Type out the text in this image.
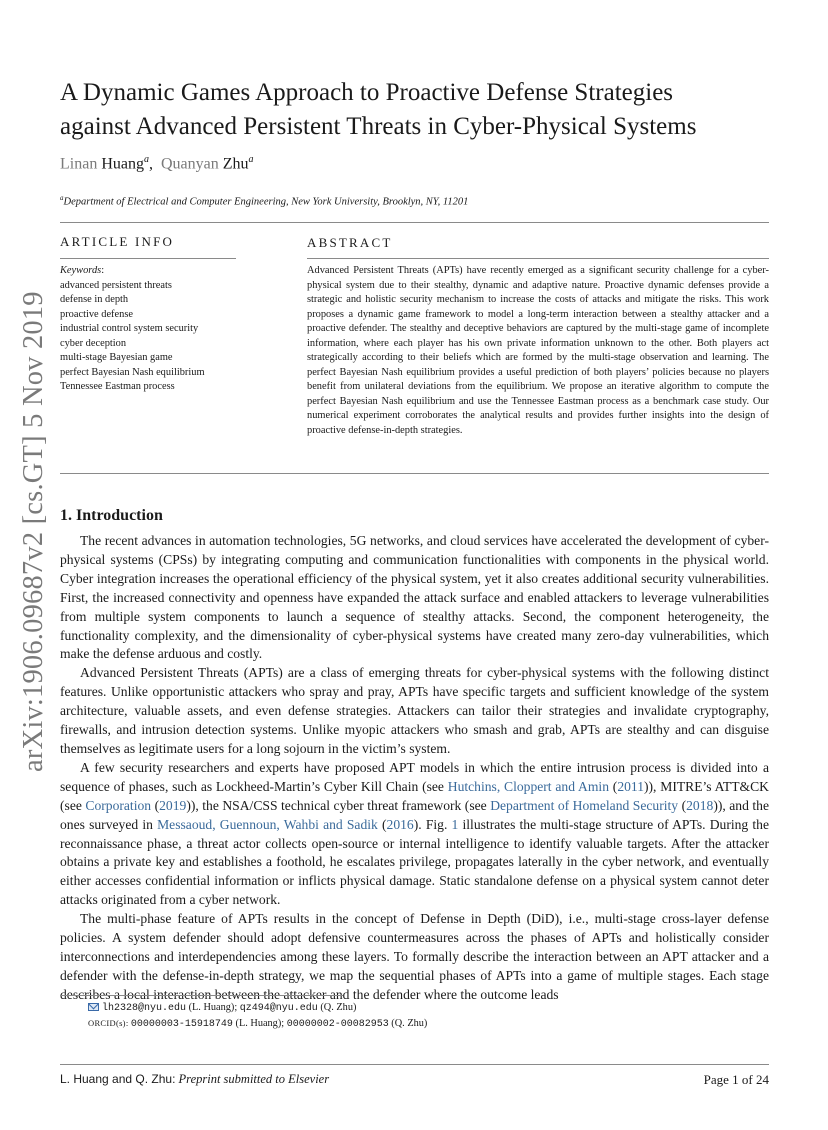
arXiv:1906.09687v2 [cs.GT] 5 Nov 2019
A Dynamic Games Approach to Proactive Defense Strategies
against Advanced Persistent Threats in Cyber-Physical Systems
Linan Huang$^a$,  Quanyan Zhu$^a$
$^a$Department of Electrical and Computer Engineering, New York University, Brooklyn, NY, 11201
ARTICLE INFO	ABSTRACT
Keywords:
advanced persistent threats
defense in depth
proactive defense
industrial control system security
cyber deception
multi-stage Bayesian game
perfect Bayesian Nash equilibrium
Tennessee Eastman process
Advanced Persistent Threats (APTs) have recently emerged as a significant security challenge for a cyber-physical system due to their stealthy, dynamic and adaptive nature. Proactive dynamic defenses provide a strategic and holistic security mechanism to increase the costs of attacks and mitigate the risks. This work proposes a dynamic game framework to model a long-term interaction between a stealthy attacker and a proactive defender. The stealthy and deceptive behaviors are captured by the multi-stage game of incomplete information, where each player has his own private information unknown to the other. Both players act strategically according to their beliefs which are formed by the multi-stage observation and learning. The perfect Bayesian Nash equilibrium provides a useful prediction of both players’ policies because no players benefit from unilateral deviations from the equilibrium. We propose an iterative algorithm to compute the perfect Bayesian Nash equilibrium and use the Tennessee Eastman process as a benchmark case study. Our numerical experiment corroborates the analytical results and provides further insights into the design of proactive defense-in-depth strategies.
1. Introduction

The recent advances in automation technologies, 5G networks, and cloud services have accelerated the development of cyber-physical systems (CPSs) by integrating computing and communication functionalities with components in the physical world. Cyber integration increases the operational efficiency of the physical system, yet it also creates additional security vulnerabilities. First, the increased connectivity and openness have expanded the attack surface and enabled attackers to leverage vulnerabilities from multiple system components to launch a sequence of stealthy attacks. Second, the component heterogeneity, the functionality complexity, and the dimensionality of cyber-physical systems have created many zero-day vulnerabilities, which make the defense arduous and costly.

Advanced Persistent Threats (APTs) are a class of emerging threats for cyber-physical systems with the following distinct features. Unlike opportunistic attackers who spray and pray, APTs have specific targets and sufficient knowledge of the system architecture, valuable assets, and even defense strategies. Attackers can tailor their strategies and invalidate cryptography, firewalls, and intrusion detection systems. Unlike myopic attackers who smash and grab, APTs are stealthy and can disguise themselves as legitimate users for a long sojourn in the victim’s system.

A few security researchers and experts have proposed APT models in which the entire intrusion process is divided into a sequence of phases, such as Lockheed-Martin’s Cyber Kill Chain (see Hutchins, Cloppert and Amin (2011)), MITRE’s ATT&CK (see Corporation (2019)), the NSA/CSS technical cyber threat framework (see Department of Homeland Security (2018)), and the ones surveyed in Messaoud, Guennoun, Wahbi and Sadik (2016). Fig. 1 illustrates the multi-stage structure of APTs. During the reconnaissance phase, a threat actor collects open-source or internal intelligence to identify valuable targets. After the attacker obtains a private key and establishes a foothold, he escalates privilege, propagates laterally in the cyber network, and eventually either accesses confidential information or inflicts physical damage. Static standalone defense on a physical system cannot deter attacks originated from a cyber network.

The multi-phase feature of APTs results in the concept of Defense in Depth (DiD), i.e., multi-stage cross-layer defense policies. A system defender should adopt defensive countermeasures across the phases of APTs and holistically consider interconnections and interdependencies among these layers. To formally describe the interaction between an APT attacker and a defender with the defense-in-depth strategy, we map the sequential phases of APTs into a game of multiple stages. Each stage describes a local interaction between the attacker and the defender where the outcome leads

lh2328@nyu.edu (L. Huang); qz494@nyu.edu (Q. Zhu)
ORCID(s): 00000003-15918749 (L. Huang); 00000002-00082953 (Q. Zhu)
L. Huang and Q. Zhu: Preprint submitted to Elsevier	Page 1 of 24
